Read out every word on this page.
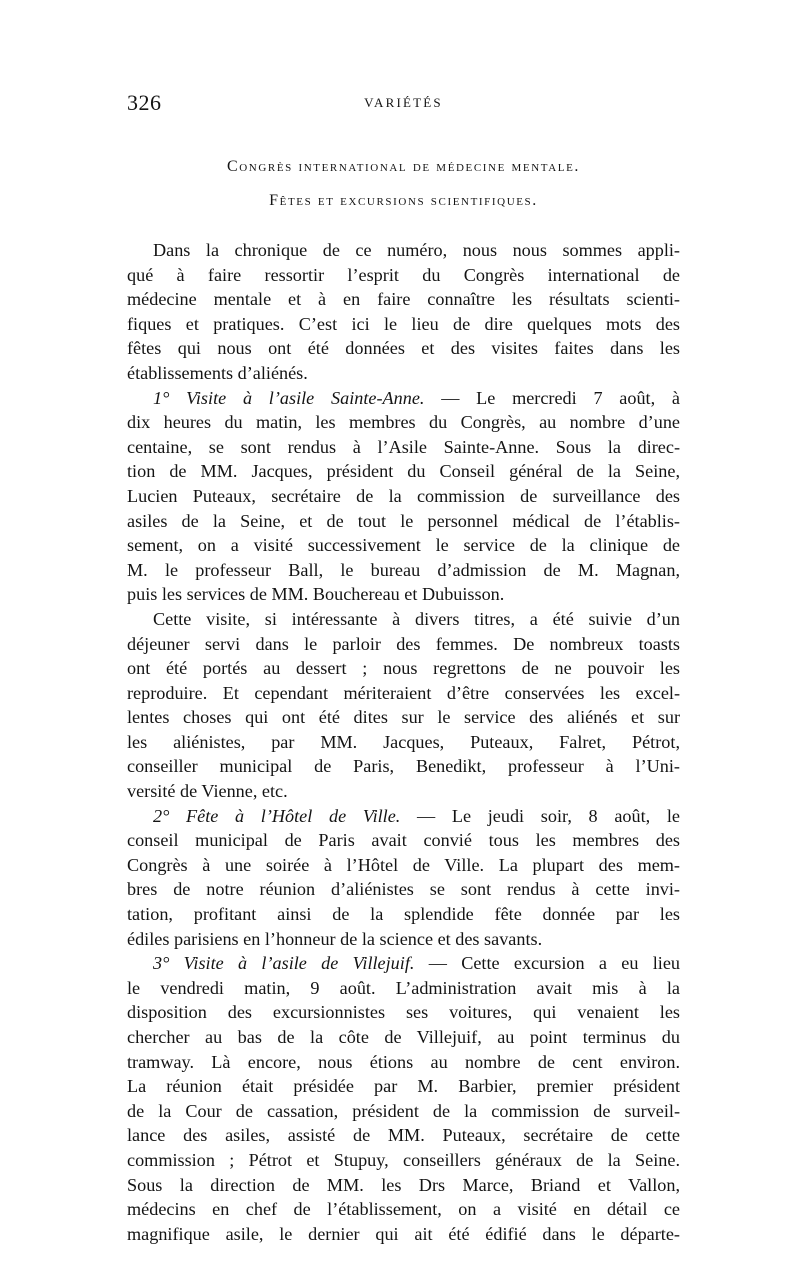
326	VARIÉTÉS

Congrès international de médecine mentale.

Fêtes et excursions scientifiques.

Dans la chronique de ce numéro, nous nous sommes appli-
qué à faire ressortir l’esprit du Congrès international de
médecine mentale et à en faire connaître les résultats scienti-
fiques et pratiques. C’est ici le lieu de dire quelques mots des
fêtes qui nous ont été données et des visites faites dans les
établissements d’aliénés.
1° Visite à l’asile Sainte-Anne. — Le mercredi 7 août, à
dix heures du matin, les membres du Congrès, au nombre d’une
centaine, se sont rendus à l’Asile Sainte-Anne. Sous la direc-
tion de MM. Jacques, président du Conseil général de la Seine,
Lucien Puteaux, secrétaire de la commission de surveillance des
asiles de la Seine, et de tout le personnel médical de l’établis-
sement, on a visité successivement le service de la clinique de
M. le professeur Ball, le bureau d’admission de M. Magnan,
puis les services de MM. Bouchereau et Dubuisson.
Cette visite, si intéressante à divers titres, a été suivie d’un
déjeuner servi dans le parloir des femmes. De nombreux toasts
ont été portés au dessert ; nous regrettons de ne pouvoir les
reproduire. Et cependant mériteraient d’être conservées les excel-
lentes choses qui ont été dites sur le service des aliénés et sur
les aliénistes, par MM. Jacques, Puteaux, Falret, Pétrot,
conseiller municipal de Paris, Benedikt, professeur à l’Uni-
versité de Vienne, etc.
2° Fête à l’Hôtel de Ville. — Le jeudi soir, 8 août, le
conseil municipal de Paris avait convié tous les membres des
Congrès à une soirée à l’Hôtel de Ville. La plupart des mem-
bres de notre réunion d’aliénistes se sont rendus à cette invi-
tation, profitant ainsi de la splendide fête donnée par les
édiles parisiens en l’honneur de la science et des savants.
3° Visite à l’asile de Villejuif. — Cette excursion a eu lieu
le vendredi matin, 9 août. L’administration avait mis à la
disposition des excursionnistes ses voitures, qui venaient les
chercher au bas de la côte de Villejuif, au point terminus du
tramway. Là encore, nous étions au nombre de cent environ.
La réunion était présidée par M. Barbier, premier président
de la Cour de cassation, président de la commission de surveil-
lance des asiles, assisté de MM. Puteaux, secrétaire de cette
commission ; Pétrot et Stupuy, conseillers généraux de la Seine.
Sous la direction de MM. les Drs Marce, Briand et Vallon,
médecins en chef de l’établissement, on a visité en détail ce
magnifique asile, le dernier qui ait été édifié dans le départe-
